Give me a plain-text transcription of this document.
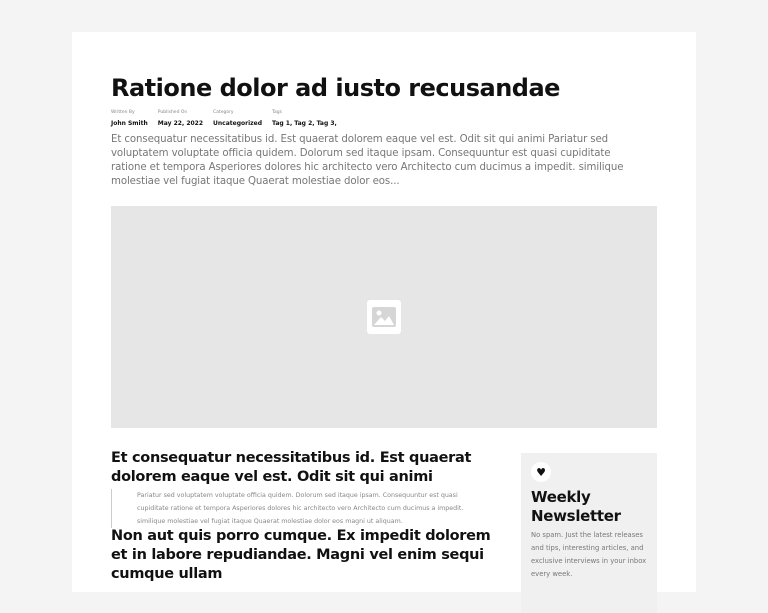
Ratione dolor ad iusto recusandae
Written By
John Smith
Published On
May 22, 2022
Category
Uncategorized
Tags
Tag 1, Tag 2, Tag 3,

Et consequatur necessitatibus id. Est quaerat dolorem eaque vel est. Odit sit qui animi Pariatur sed voluptatem voluptate officia quidem. Dolorum sed itaque ipsam. Consequuntur est quasi cupiditate ratione et tempora Asperiores dolores hic architecto vero Architecto cum ducimus a impedit. similique molestiae vel fugiat itaque Quaerat molestiae dolor eos...

Et consequatur necessitatibus id. Est quaerat dolorem eaque vel est. Odit sit qui animi
Pariatur sed voluptatem voluptate officia quidem. Dolorum sed itaque ipsam. Consequuntur est quasi cupiditate ratione et tempora Asperiores dolores hic architecto vero Architecto cum ducimus a impedit. similique molestiae vel fugiat itaque Quaerat molestiae dolor eos magni ut aliquam.
Non aut quis porro cumque. Ex impedit dolorem et in labore repudiandae. Magni vel enim sequi cumque ullam
♥
Weekly Newsletter

No spam. Just the latest releases and tips, interesting articles, and exclusive interviews in your inbox every week.
